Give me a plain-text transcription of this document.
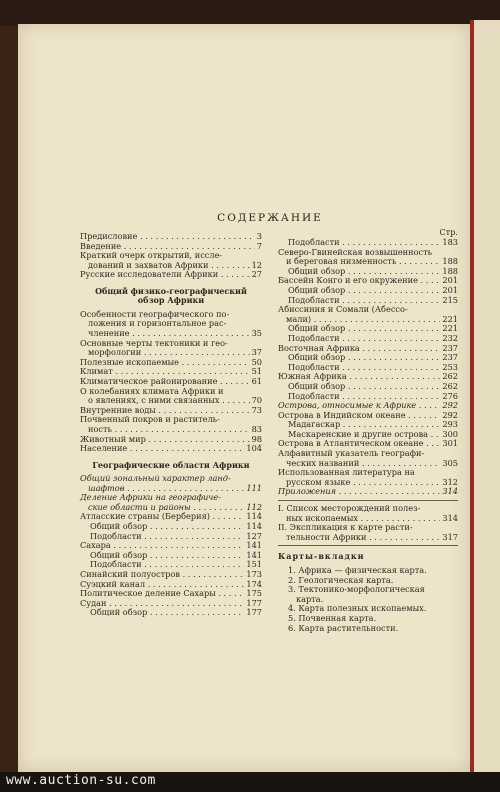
СОДЕРЖАНИЕ
Предисловие . . .	3
Введение . . .	7
Краткий очерк открытий, иссле-
дований и захватов Африки . . .	12
Русские исследователи Африки . . .	27
Общий физико-географический
обзор Африки
Особенности географического по-
ложения и горизонтальное рас-
членение . . .	35
Основные черты тектоники и гео-
морфологии . . .	37
Полезные ископаемые . . .	50
Климат . . .	51
Климатическое районирование . . .	61
О колебаниях климата Африки и
о явлениях, с ними связанных . . .	70
Внутренние воды . . .	73
Почвенный покров и раститель-
ность . . .	83
Животный мир . . .	98
Население . . .	104
Географические области Африки
Общий зональный характер ланд-
шафтов . . .	111
Деление Африки на географиче-
ские области и районы . . .	112
Атласские страны (Берберия) . . .	114
Общий обзор . . .	114
Подобласти . . .	127
Сахара . . .	141
Общий обзор . . .	141
Подобласти . . .	151
Синайский полуостров . . .	173
Суэцкий канал . . .	174
Политическое деление Сахары . . .	175
Судан . . .	177
Общий обзор . . .	177
Стр.
Подобласти . . .	183
Северо-Гвинейская возвышенность
и береговая низменность . . .	188
Общий обзор . . .	188
Бассейн Конго и его окружение . . .	201
Общий обзор . . .	201
Подобласти . . .	215
Абиссиния и Сомали (Абессо-
мали) . . .	221
Общий обзор . . .	221
Подобласти . . .	232
Восточная Африка . . .	237
Общий обзор . . .	237
Подобласти . . .	253
Южная Африка . . .	262
Общий обзор . . .	262
Подобласти . . .	276
Острова, относимые к Африке . . .	292
Острова в Индийском океане . . .	292
Мадагаскар . . .	293
Маскаренские и другие острова . . .	300
Острова в Атлантическом океане . . .	301
Алфавитный указатель географи-
ческих названий . . .	305
Использованная литература на
русском языке . . .	312
Приложения . . .	314
I. Список месторождений полез-
ных ископаемых . . .	314
II. Экспликация к карте расти-
тельности Африки . . .	317
Карты-вкладки
1. Африка — физическая карта.
2. Геологическая карта.
3. Тектонико-морфологическая
карта.
4. Карта полезных ископаемых.
5. Почвенная карта.
6. Карта растительности.
www.auction-su.com
